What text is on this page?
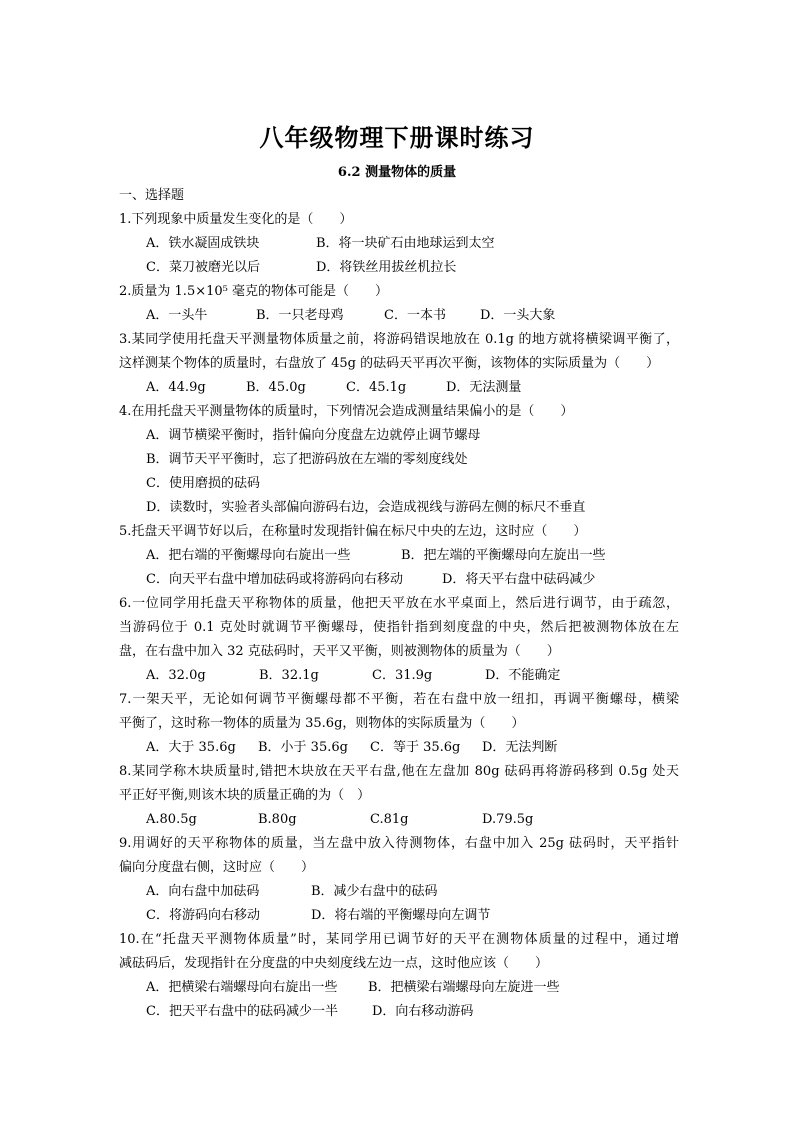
八年级物理下册课时练习
6.2 测量物体的质量
一、选择题
1.下列现象中质量发生变化的是（　　）
A．铁水凝固成铁块	B．将一块矿石由地球运到太空
C．菜刀被磨光以后	D．将铁丝用拔丝机拉长
2.质量为 1.5×10⁵ 毫克的物体可能是（　　）
A．一头牛	B．一只老母鸡	C．一本书	D．一头大象
3.某同学使用托盘天平测量物体质量之前，将游码错误地放在 0.1g 的地方就将横梁调平衡了，
这样测某个物体的质量时，右盘放了 45g 的砝码天平再次平衡，该物体的实际质量为（　　）
A．44.9g	B．45.0g	C．45.1g	D．无法测量
4.在用托盘天平测量物体的质量时，下列情况会造成测量结果偏小的是（　　）
A．调节横梁平衡时，指针偏向分度盘左边就停止调节螺母
B．调节天平平衡时，忘了把游码放在左端的零刻度线处
C．使用磨损的砝码
D．读数时，实验者头部偏向游码右边，会造成视线与游码左侧的标尺不垂直
5.托盘天平调节好以后，在称量时发现指针偏在标尺中央的左边，这时应（　　）
A．把右端的平衡螺母向右旋出一些	B．把左端的平衡螺母向左旋出一些
C．向天平右盘中增加砝码或将游码向右移动	D．将天平右盘中砝码减少
6.一位同学用托盘天平称物体的质量，他把天平放在水平桌面上，然后进行调节，由于疏忽，
当游码位于 0.1 克处时就调节平衡螺母，使指针指到刻度盘的中央，然后把被测物体放在左
盘，在右盘中加入 32 克砝码时，天平又平衡，则被测物体的质量为（　　）
A．32.0g	B．32.1g	C．31.9g	D．不能确定
7.一架天平，无论如何调节平衡螺母都不平衡，若在右盘中放一纽扣，再调平衡螺母，横梁
平衡了，这时称一物体的质量为 35.6g，则物体的实际质量为（　　）
A．大于 35.6g	B．小于 35.6g	C．等于 35.6g	D．无法判断
8.某同学称木块质量时,错把木块放在天平右盘,他在左盘加 80g 砝码再将游码移到 0.5g 处天
平正好平衡,则该木块的质量正确的为（　）
A.80.5g	B.80g	C.81g	D.79.5g
9.用调好的天平称物体的质量，当左盘中放入待测物体，右盘中加入 25g 砝码时，天平指针
偏向分度盘右侧，这时应（　　）
A．向右盘中加砝码	B．减少右盘中的砝码
C．将游码向右移动	D．将右端的平衡螺母向左调节
10.在“托盘天平测物体质量”时，某同学用已调节好的天平在测物体质量的过程中，通过增
减砝码后，发现指针在分度盘的中央刻度线左边一点，这时他应该（　　）
A．把横梁右端螺母向右旋出一些	B．把横梁右端螺母向左旋进一些
C．把天平右盘中的砝码减少一半	D．向右移动游码
